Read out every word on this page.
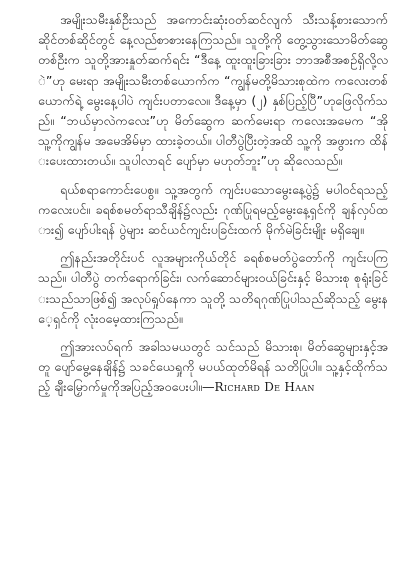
အမျိုးသမီးနှစ်ဦးသည် အကောင်းဆုံးဝတ်ဆင်လျက် သီးသန့်စားသောက်ဆိုင်တစ်ဆိုင်တွင် နေ့လည်စာစားနေကြသည်။ သူတို့ကို တွေ့သွားသောမိတ်ဆွေတစ်ဦးက သူတို့အားနှုတ်ဆက်ရင်း “ဒီနေ့ ထူးထူးခြားခြား ဘာအစီအစဉ်ရှိလို့လဲ”ဟု မေးရာ အမျိုးသမီးတစ်ယောက်က “ကျွန်မတို့မိသားစုထဲက ကလေးတစ်ယောက်ရဲ့ မွေးနေ့ပါပဲ ကျင်းပတာလေ။ ဒီနေ့မှာ (၂) နှစ်ပြည့်ပြီ”ဟုဖြေလိုက်သည်။ “ဘယ်မှာလဲကလေး”ဟု မိတ်ဆွေက ဆက်မေးရာ ကလေးအမေက “အို သူ့ကိုကျွန်မ အမေအိမ်မှာ ထားခဲ့တယ်။ ပါတီပွဲပြီးတဲ့အထိ သူ့ကို အဖွားက ထိန်းပေးထားတယ်။ သူပါလာရင် ပျော်မှာ မဟုတ်ဘူး”ဟု ဆိုလေသည်။

ရယ်စရာကောင်းပေစွ။ သူ့အတွက် ကျင်းပသောမွေးနေ့ပွဲ၌ မပါဝင်ရသည့်ကလေးပင်။ ခရစ်စမတ်ရာသီချိန်၌လည်း ဂုဏ်ပြုရမည့်မွေးနေ့ရှင်ကို ချန်လှပ်ထား၍ ပျော်ပါးရန် ပွဲများ ဆင်ယင်ကျင်းပခြင်းထက် မိုက်မဲခြင်းမျိုး မရှိချေ။

ဤနည်းအတိုင်းပင် လူအများကိုယ်တိုင် ခရစ်စမတ်ပွဲတော်ကို ကျင်းပကြသည်။ ပါတီပွဲ တက်ရောက်ခြင်း၊ လက်ဆောင်များဝယ်ခြင်းနှင့် မိသားစု စုရုံးခြင်းသည်သာဖြစ်၍ အလုပ်ရှုပ်နေကာ သူတို့ သတိရဂုဏ်ပြုပါသည်ဆိုသည့် မွေးနေ့ရှင်ကို လုံးဝမေ့ထားကြသည်။

ဤအားလပ်ရက် အခါသမယတွင် သင်သည် မိသားစု၊ မိတ်ဆွေများနှင့်အတူ ပျော်မွေ့နေချိန်၌ သခင်ယေရှုကို မပယ်ထုတ်မိရန် သတိပြုပါ။ သူ့နှင့်ထိုက်သည့် ချီးမြှောက်မှုကိုအပြည့်အဝပေးပါ။—Richard De Haan
